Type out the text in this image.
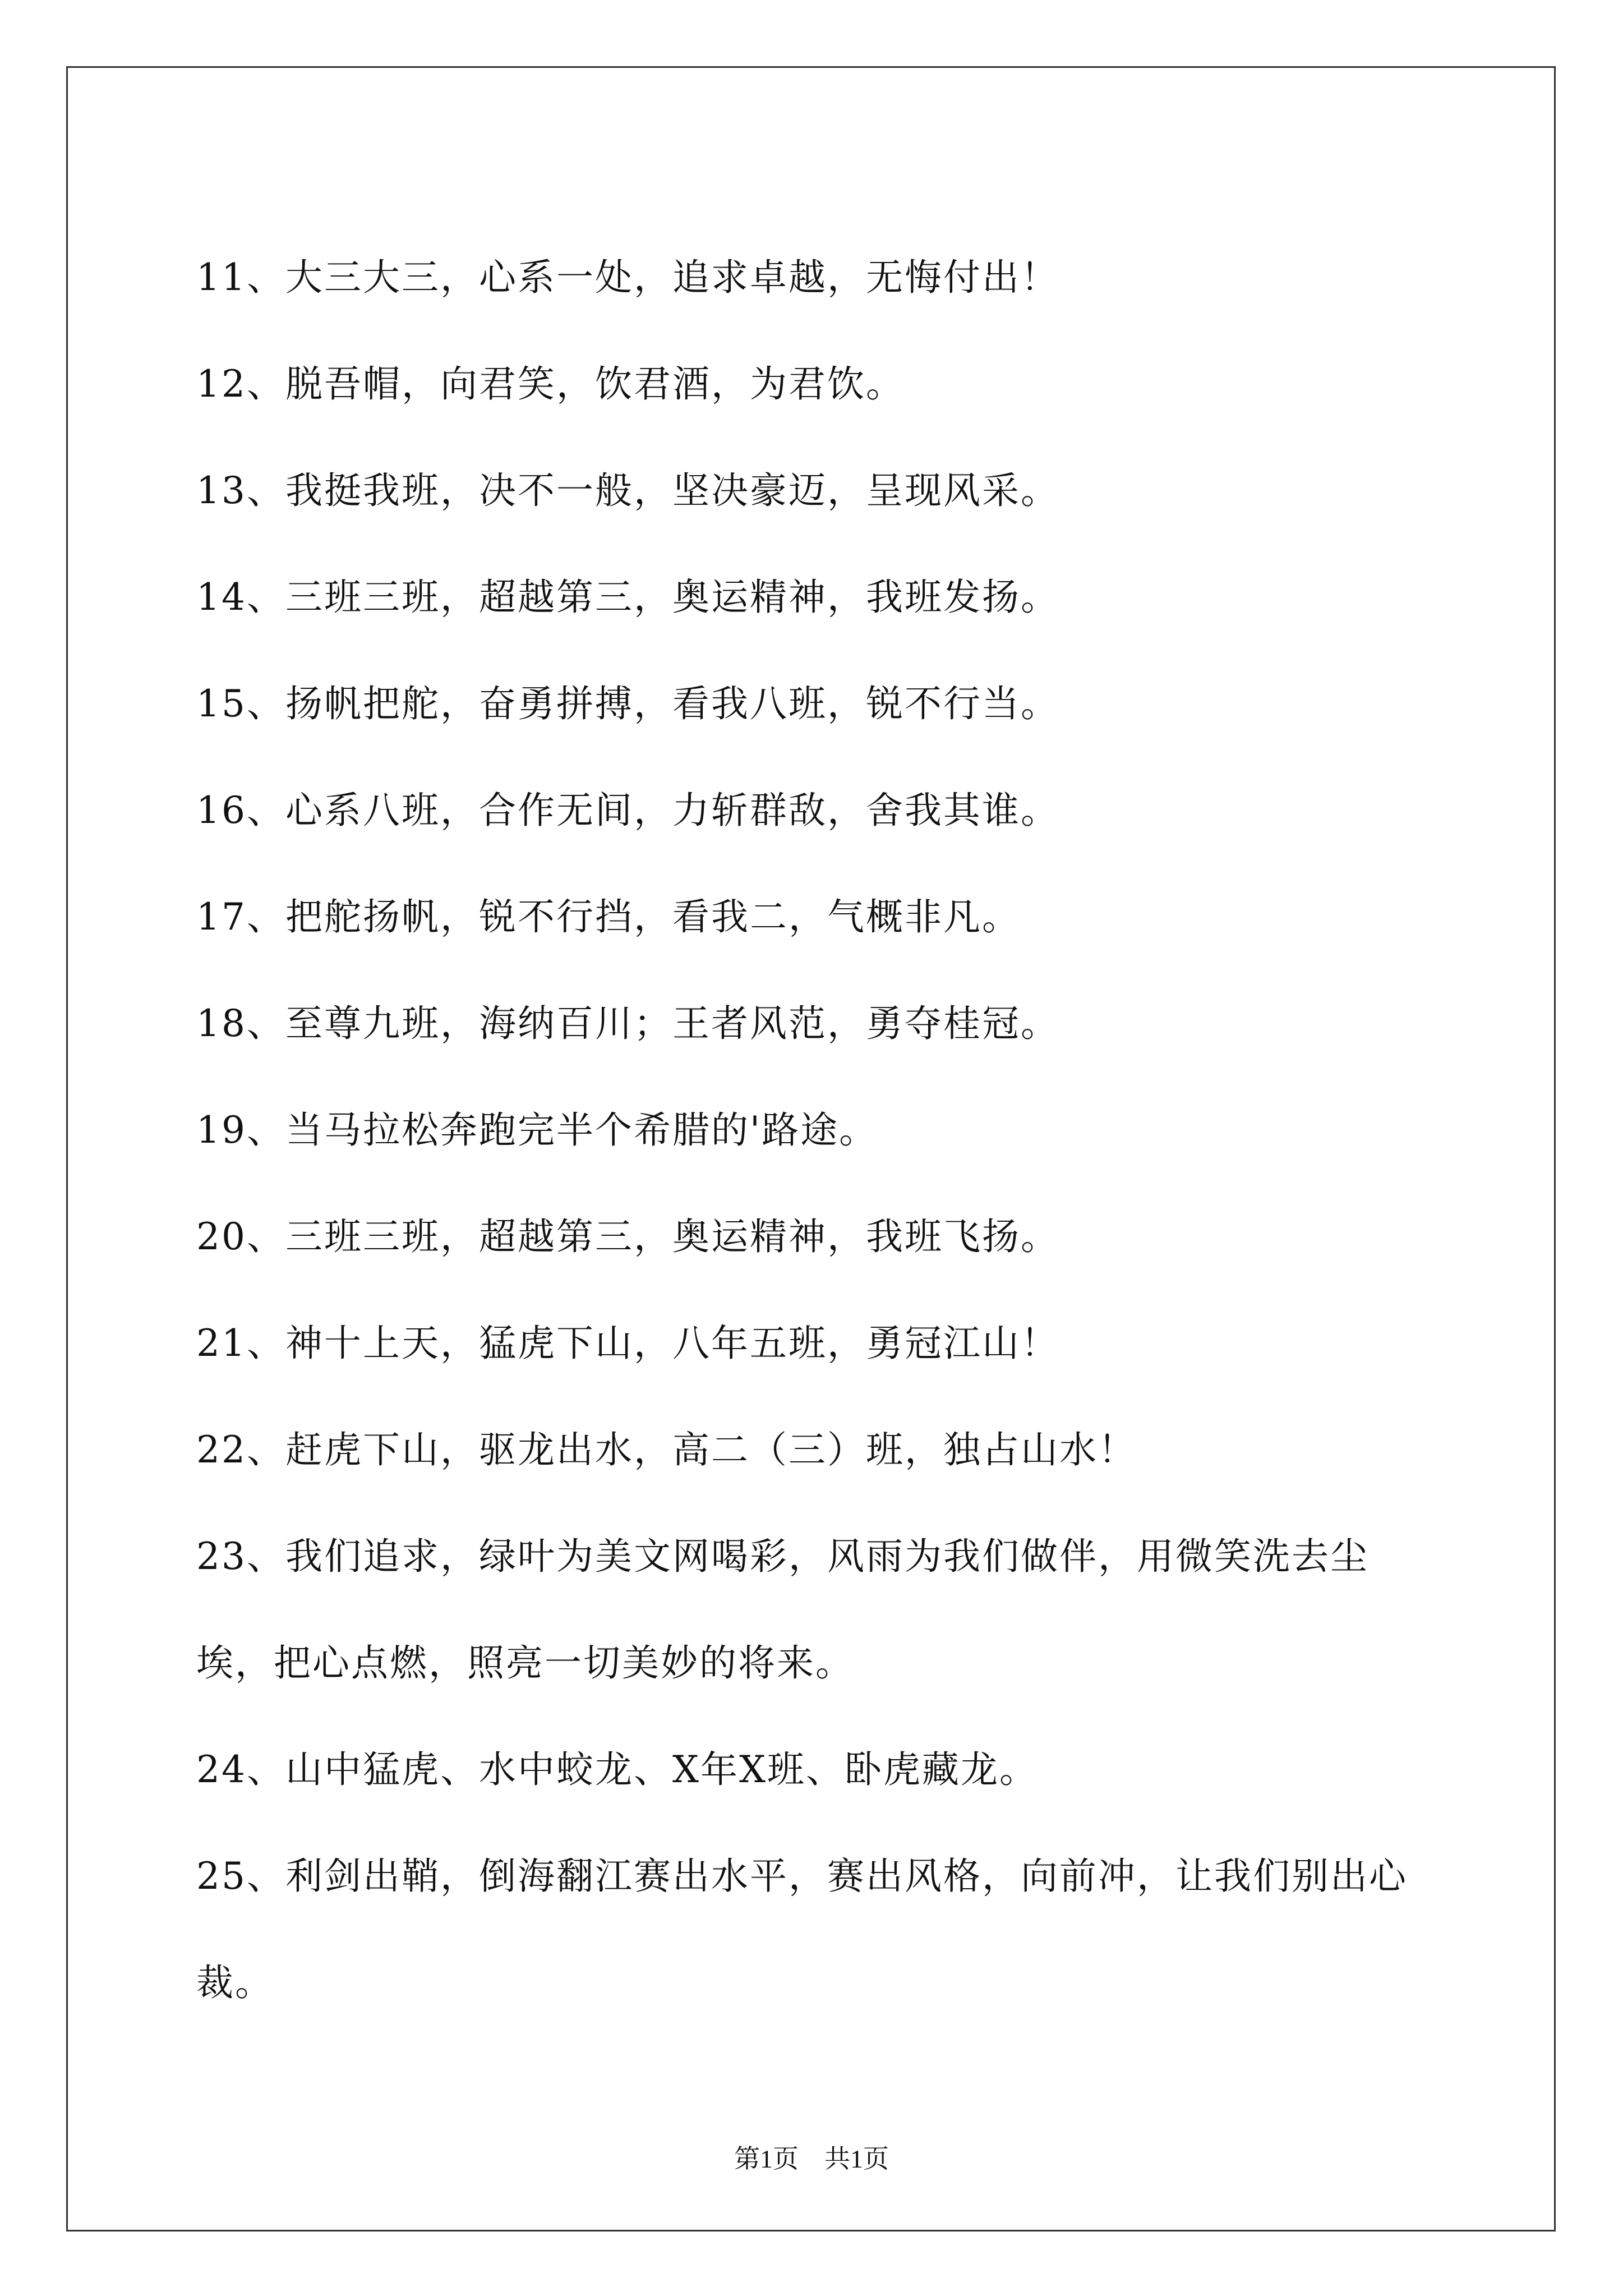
11、大三大三，心系一处，追求卓越，无悔付出！
12、脱吾帽，向君笑，饮君酒，为君饮。
13、我挺我班，决不一般，坚决豪迈，呈现风采。
14、三班三班，超越第三，奥运精神，我班发扬。
15、扬帆把舵，奋勇拼搏，看我八班，锐不行当。
16、心系八班，合作无间，力斩群敌，舍我其谁。
17、把舵扬帆，锐不行挡，看我二，气概非凡。
18、至尊九班，海纳百川；王者风范，勇夺桂冠。
19、当马拉松奔跑完半个希腊的'路途。
20、三班三班，超越第三，奥运精神，我班飞扬。
21、神十上天，猛虎下山，八年五班，勇冠江山！
22、赶虎下山，驱龙出水，高二（三）班，独占山水！
23、我们追求，绿叶为美文网喝彩，风雨为我们做伴，用微笑洗去尘埃，把心点燃，照亮一切美妙的将来。
24、山中猛虎、水中蛟龙、X年X班、卧虎藏龙。
25、利剑出鞘，倒海翻江赛出水平，赛出风格，向前冲，让我们别出心裁。
第1页　共1页
